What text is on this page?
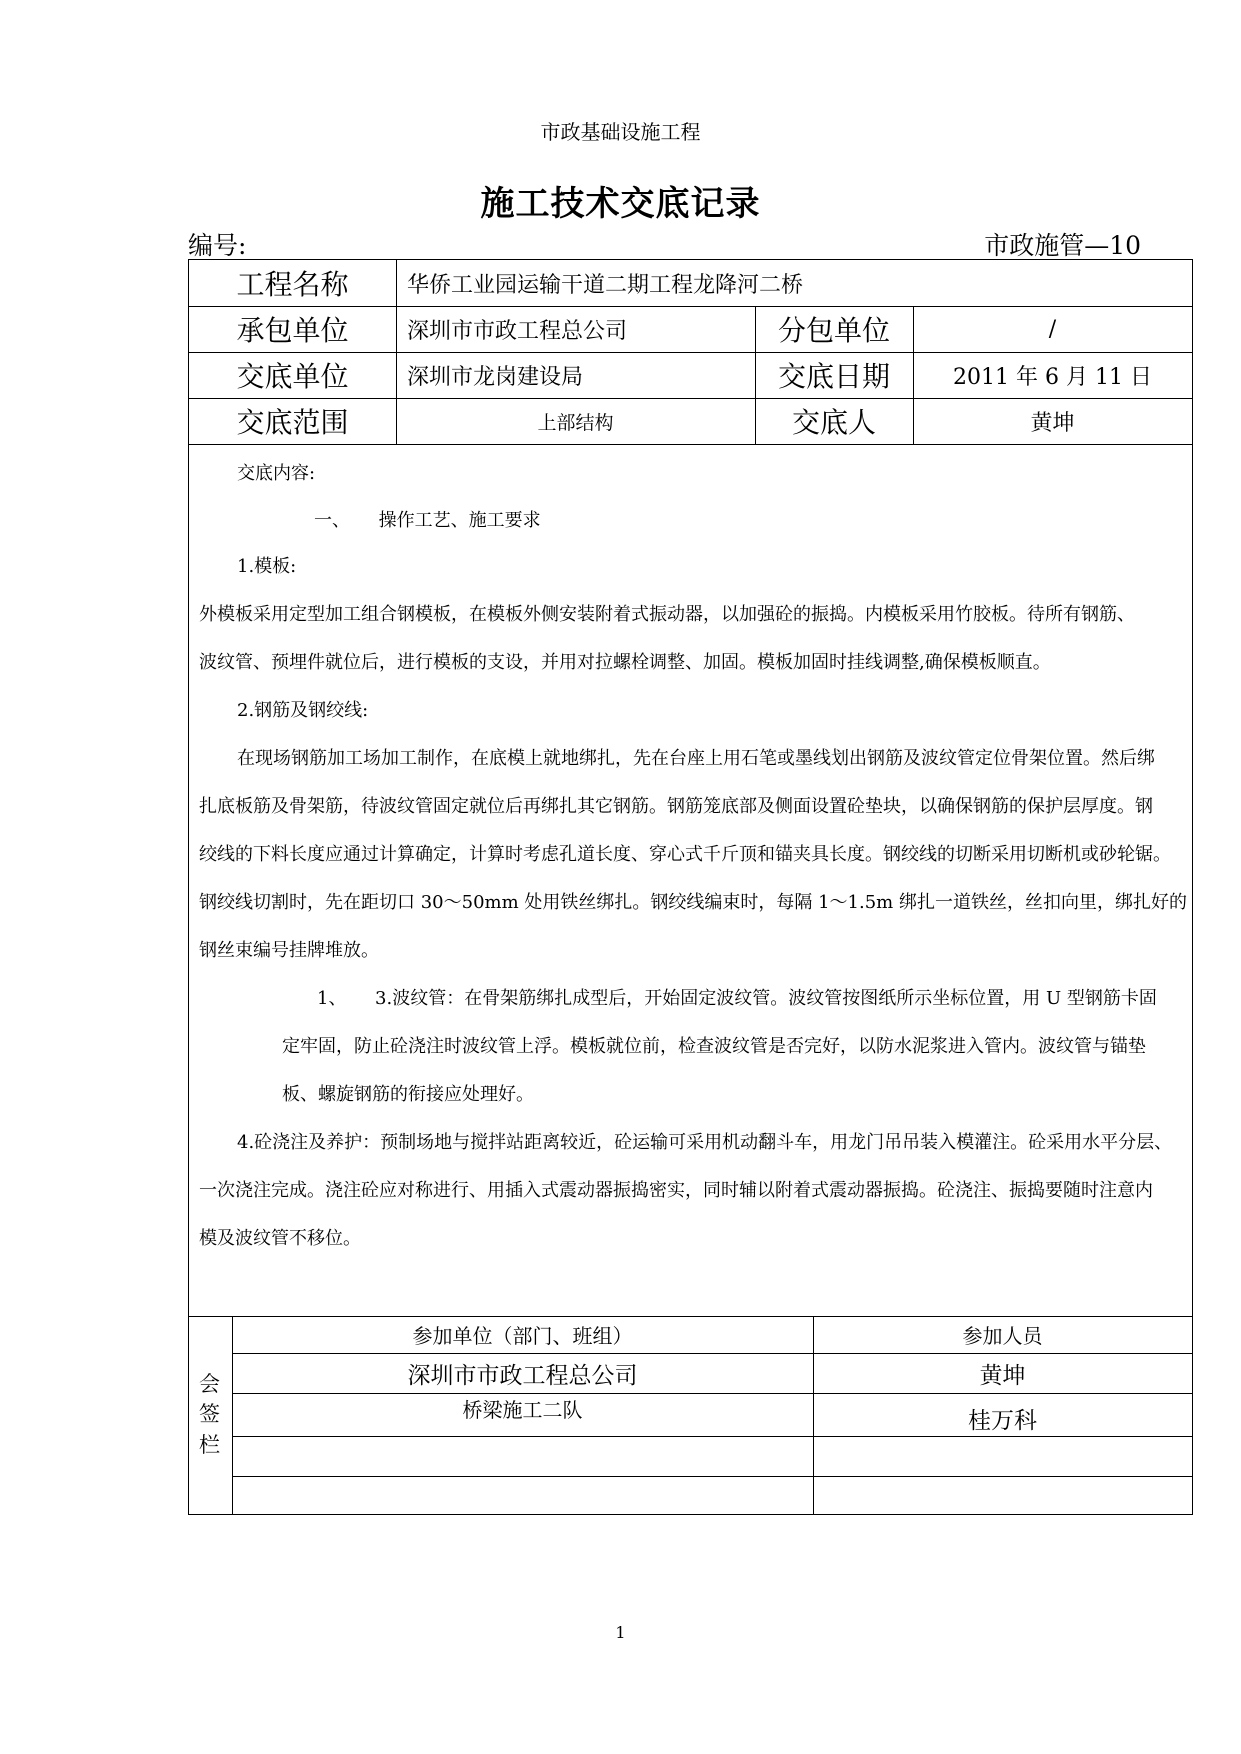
市政基础设施工程
施工技术交底记录
编号:	市政施管—10
工程名称	华侨工业园运输干道二期工程龙降河二桥
承包单位	深圳市市政工程总公司	分包单位	/
交底单位	深圳市龙岗建设局	交底日期	2011 年 6 月 11 日
交底范围	上部结构	交底人	黄坤
交底内容:
一、     操作工艺、施工要求
1.模板:
外模板采用定型加工组合钢模板，在模板外侧安装附着式振动器，以加强砼的振捣。内模板采用竹胶板。待所有钢筋、
波纹管、预埋件就位后，进行模板的支设，并用对拉螺栓调整、加固。模板加固时挂线调整,确保模板顺直。
2.钢筋及钢绞线:
在现场钢筋加工场加工制作，在底模上就地绑扎，先在台座上用石笔或墨线划出钢筋及波纹管定位骨架位置。然后绑
扎底板筋及骨架筋，待波纹管固定就位后再绑扎其它钢筋。钢筋笼底部及侧面设置砼垫块，以确保钢筋的保护层厚度。钢
绞线的下料长度应通过计算确定，计算时考虑孔道长度、穿心式千斤顶和锚夹具长度。钢绞线的切断采用切断机或砂轮锯。
钢绞线切割时，先在距切口 30～50mm 处用铁丝绑扎。钢绞线编束时，每隔 1～1.5m 绑扎一道铁丝，丝扣向里，绑扎好的
钢丝束编号挂牌堆放。
1、     3.波纹管：在骨架筋绑扎成型后，开始固定波纹管。波纹管按图纸所示坐标位置，用 U 型钢筋卡固
定牢固，防止砼浇注时波纹管上浮。模板就位前，检查波纹管是否完好，以防水泥浆进入管内。波纹管与锚垫
板、螺旋钢筋的衔接应处理好。
4.砼浇注及养护：预制场地与搅拌站距离较近，砼运输可采用机动翻斗车，用龙门吊吊装入模灌注。砼采用水平分层、
一次浇注完成。浇注砼应对称进行、用插入式震动器振捣密实，同时辅以附着式震动器振捣。砼浇注、振捣要随时注意内
模及波纹管不移位。
会
签
栏
参加单位（部门、班组）	参加人员
深圳市市政工程总公司	黄坤
桥梁施工二队	桂万科
1
